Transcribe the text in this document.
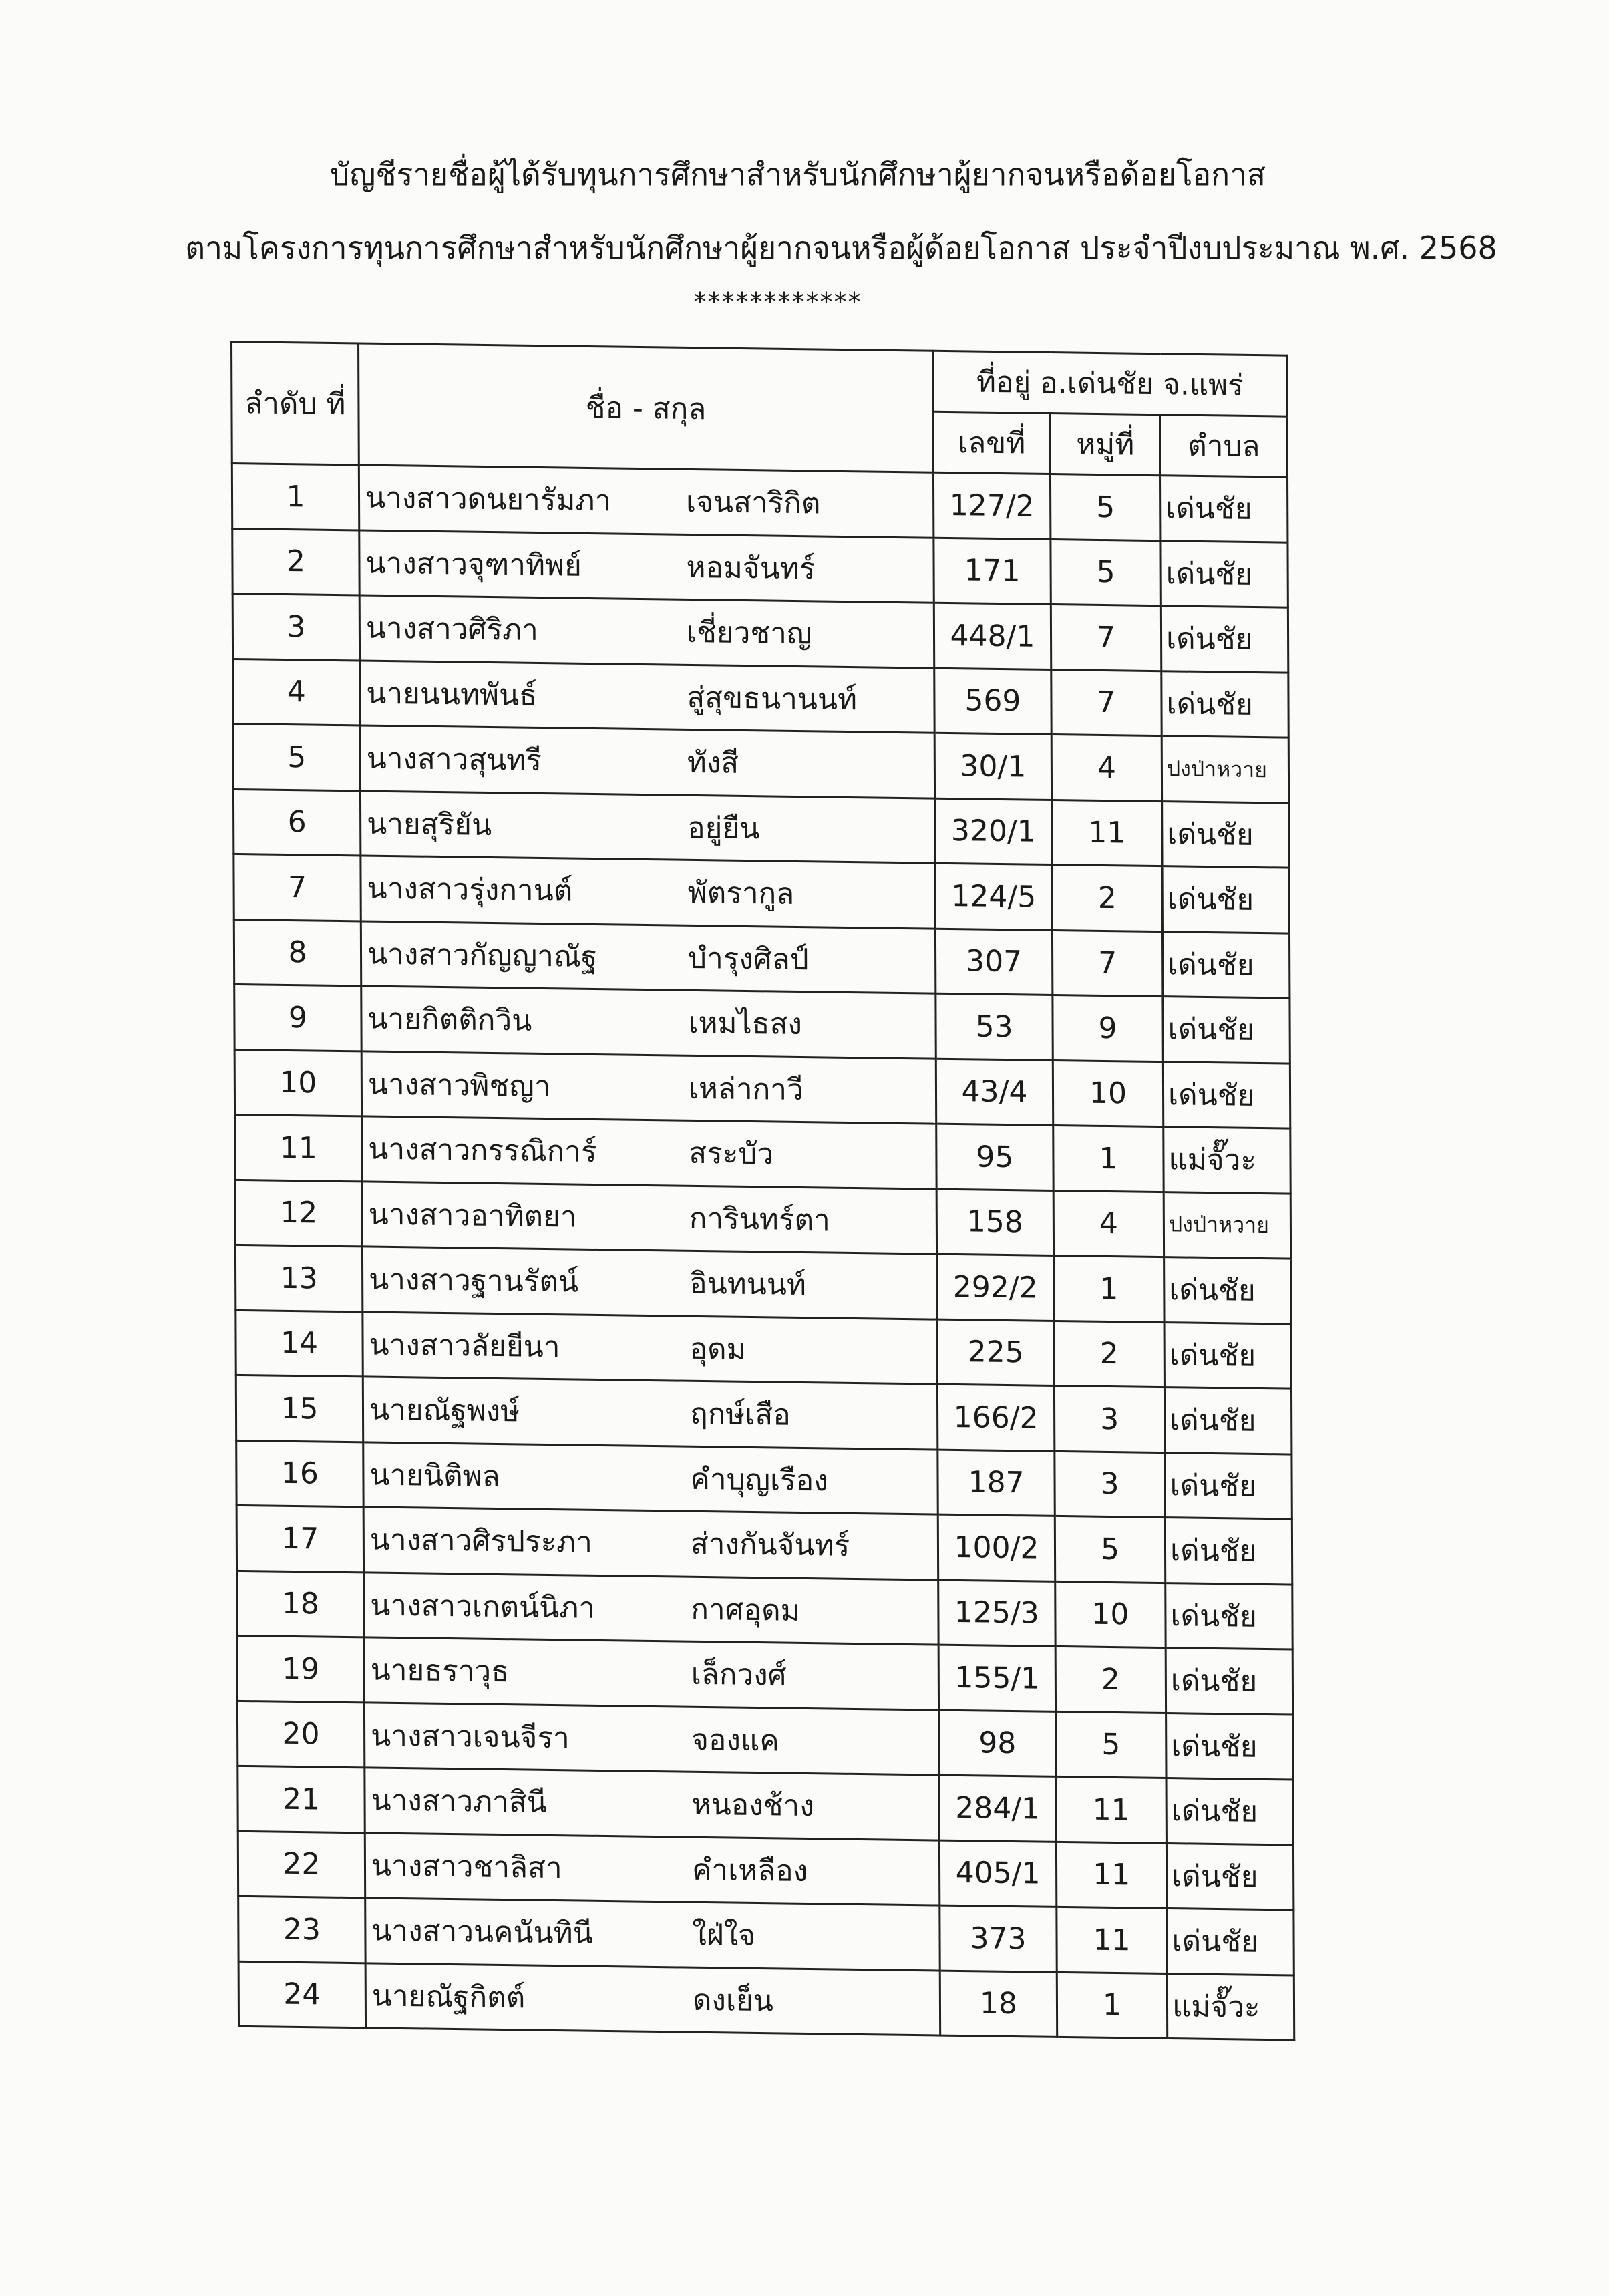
บัญชีรายชื่อผู้ได้รับทุนการศึกษาสำหรับนักศึกษาผู้ยากจนหรือด้อยโอกาส
ตามโครงการทุนการศึกษาสำหรับนักศึกษาผู้ยากจนหรือผู้ด้อยโอกาส ประจำปีงบประมาณ พ.ศ. 2568
************
ลำดับ ที่	ชื่อ - สกุล	ที่อยู่ อ.เด่นชัย จ.แพร่		
		เลขที่	หมู่ที่	ตำบล
1	นางสาวดนยารัมภา เจนสาริกิต	127/2	5	เด่นชัย
2	นางสาวจุฑาทิพย์ หอมจันทร์	171	5	เด่นชัย
3	นางสาวศิริภา เชี่ยวชาญ	448/1	7	เด่นชัย
4	นายนนทพันธ์ สู่สุขธนานนท์	569	7	เด่นชัย
5	นางสาวสุนทรี ทังสี	30/1	4	ปงป่าหวาย
6	นายสุริยัน อยู่ยืน	320/1	11	เด่นชัย
7	นางสาวรุ่งกานต์ พัตรากูล	124/5	2	เด่นชัย
8	นางสาวกัญญาณัฐ บำรุงศิลป์	307	7	เด่นชัย
9	นายกิตติกวิน เหมไธสง	53	9	เด่นชัย
10	นางสาวพิชญา เหล่ากาวี	43/4	10	เด่นชัย
11	นางสาวกรรณิการ์ สระบัว	95	1	แม่จั๊วะ
12	นางสาวอาทิตยา การินทร์ตา	158	4	ปงป่าหวาย
13	นางสาวฐานรัตน์ อินทนนท์	292/2	1	เด่นชัย
14	นางสาวลัยยีนา อุดม	225	2	เด่นชัย
15	นายณัฐพงษ์ ฤกษ์เสือ	166/2	3	เด่นชัย
16	นายนิติพล คำบุญเรือง	187	3	เด่นชัย
17	นางสาวศิรประภา ส่างกันจันทร์	100/2	5	เด่นชัย
18	นางสาวเกตน์นิภา กาศอุดม	125/3	10	เด่นชัย
19	นายธราวุธ เล็กวงศ์	155/1	2	เด่นชัย
20	นางสาวเจนจีรา จองแค	98	5	เด่นชัย
21	นางสาวภาสินี หนองช้าง	284/1	11	เด่นชัย
22	นางสาวชาลิสา คำเหลือง	405/1	11	เด่นชัย
23	นางสาวนคนันทินี ใฝ่ใจ	373	11	เด่นชัย
24	นายณัฐกิตต์ ดงเย็น	18	1	แม่จั๊วะ
